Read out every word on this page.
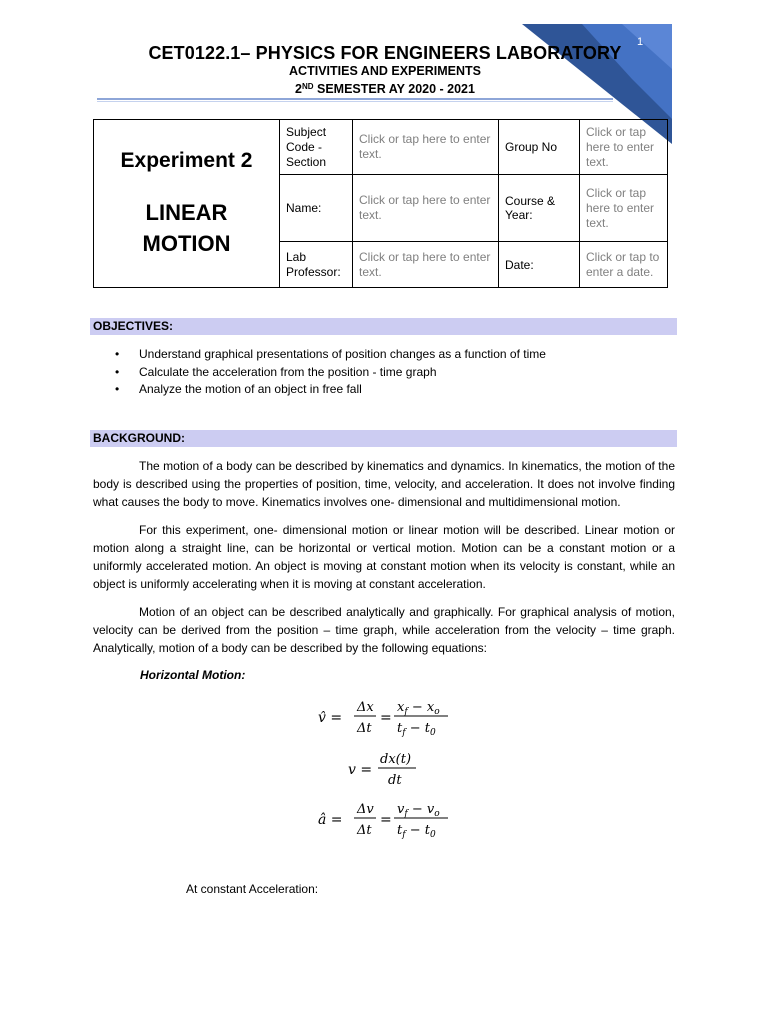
1
CET0122.1– PHYSICS FOR ENGINEERS LABORATORY
ACTIVITIES AND EXPERIMENTS
2ND SEMESTER AY 2020 - 2021
Experiment 2
LINEAR
MOTION	Subject Code - Section	Click or tap here to enter text.	Group No	Click or tap here to enter text.
	Name:	Click or tap here to enter text.	Course & Year:	Click or tap here to enter text.
	Lab Professor:	Click or tap here to enter text.	Date:	Click or tap to enter a date.
OBJECTIVES:
• Understand graphical presentations of position changes as a function of time
• Calculate the acceleration from the position - time graph
• Analyze the motion of an object in free fall
BACKGROUND:

The motion of a body can be described by kinematics and dynamics. In kinematics, the motion of the body is described using the properties of position, time, velocity, and acceleration. It does not involve finding what causes the body to move. Kinematics involves one- dimensional and multidimensional motion.

For this experiment, one- dimensional motion or linear motion will be described. Linear motion or motion along a straight line, can be horizontal or vertical motion. Motion can be a constant motion or a uniformly accelerated motion. An object is moving at constant motion when its velocity is constant, while an object is uniformly accelerating when it is moving at constant acceleration.

Motion of an object can be described analytically and graphically. For graphical analysis of motion, velocity can be derived from the position – time graph, while acceleration from the velocity – time graph. Analytically, motion of a body can be described by the following equations:

Horizontal Motion:
v̂ =
Δx
Δt
=
$x_f - x_o$
$t_f - t_0$
v =
dx(t)
dt
â =
Δv
Δt
=
$v_f - v_o$
$t_f - t_0$
At constant Acceleration:
